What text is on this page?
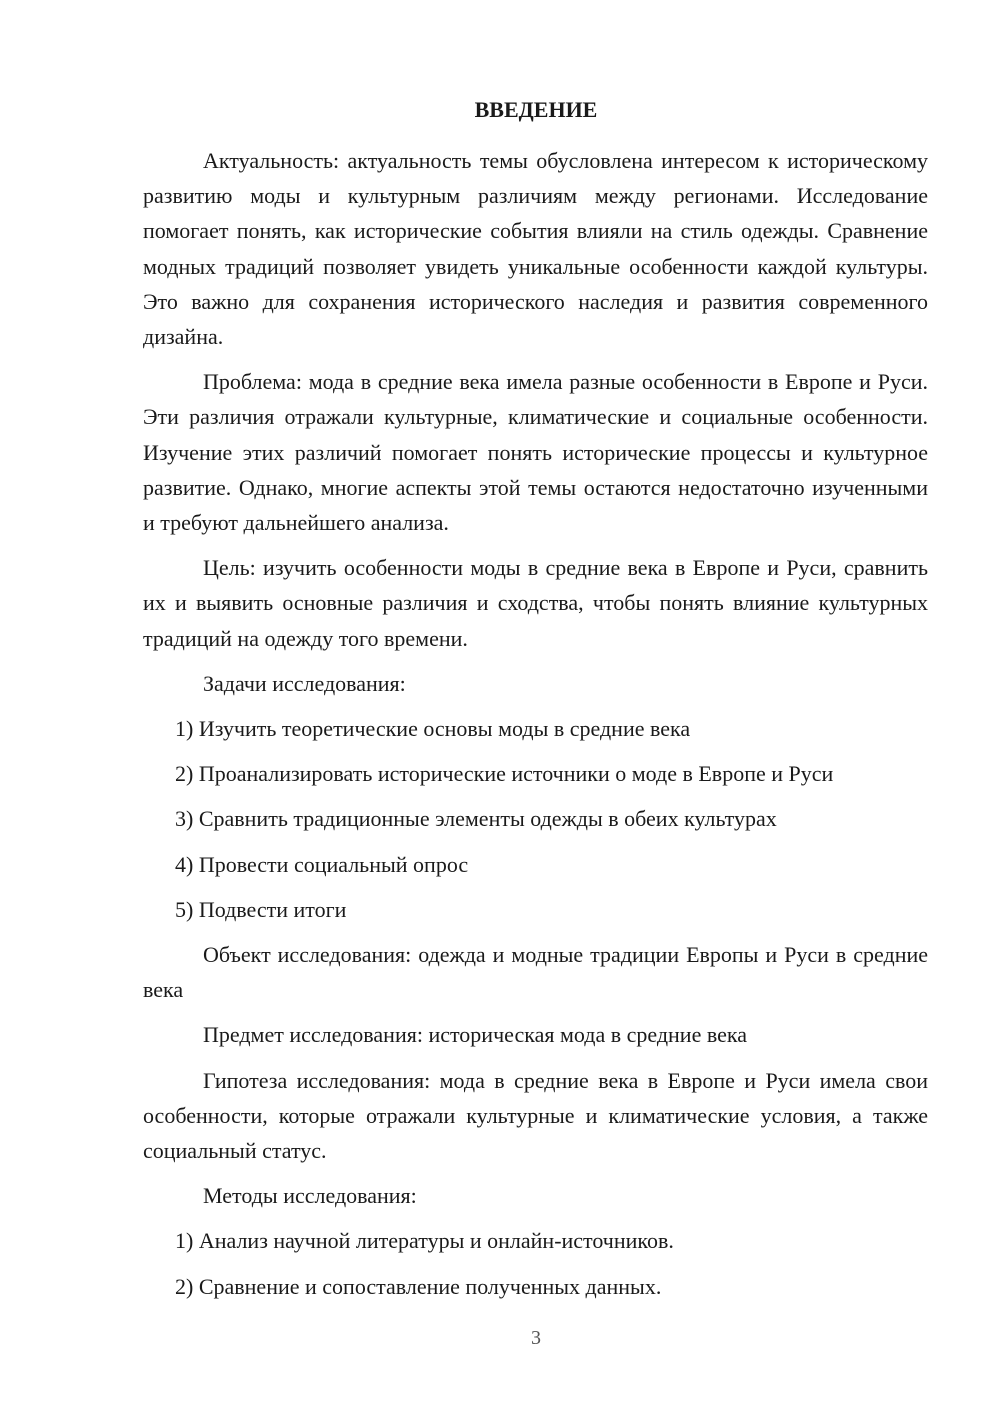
ВВЕДЕНИЕ

Актуальность: актуальность темы обусловлена интересом к историческому развитию моды и культурным различиям между регионами. Исследование помогает понять, как исторические события влияли на стиль одежды. Сравнение модных традиций позволяет увидеть уникальные особенности каждой культуры. Это важно для сохранения исторического наследия и развития современного дизайна.

Проблема: мода в средние века имела разные особенности в Европе и Руси. Эти различия отражали культурные, климатические и социальные особенности. Изучение этих различий помогает понять исторические процессы и культурное развитие. Однако, многие аспекты этой темы остаются недостаточно изученными и требуют дальнейшего анализа.

Цель: изучить особенности моды в средние века в Европе и Руси, сравнить их и выявить основные различия и сходства, чтобы понять влияние культурных традиций на одежду того времени.

Задачи исследования:
1) Изучить теоретические основы моды в средние века
2) Проанализировать исторические источники о моде в Европе и Руси
3) Сравнить традиционные элементы одежды в обеих культурах
4) Провести социальный опрос
5) Подвести итоги

Объект исследования: одежда и модные традиции Европы и Руси в средние века

Предмет исследования: историческая мода в средние века

Гипотеза исследования: мода в средние века в Европе и Руси имела свои особенности, которые отражали культурные и климатические условия, а также социальный статус.

Методы исследования:
1) Анализ научной литературы и онлайн-источников.
2) Сравнение и сопоставление полученных данных.
3
